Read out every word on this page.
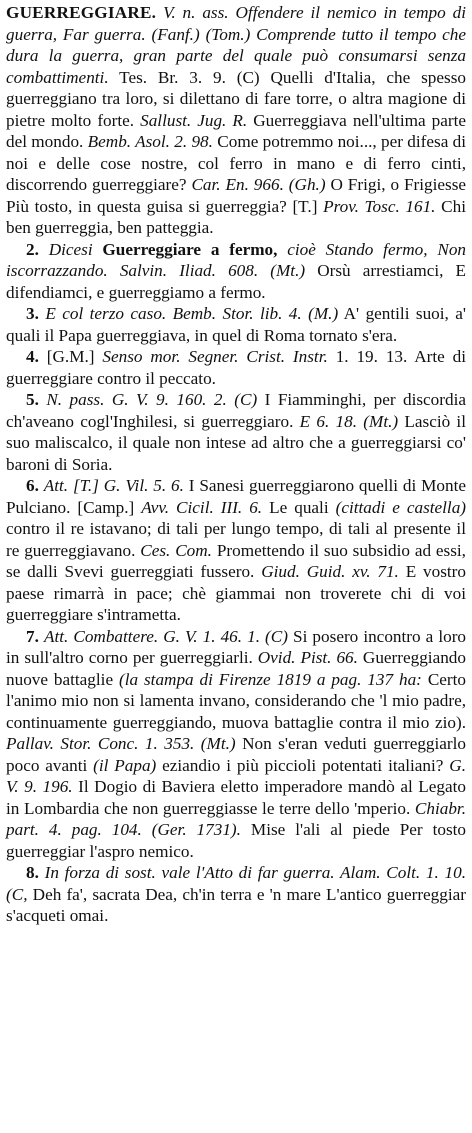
GUERREGGIARE. V. n. ass. Offendere il nemico in tempo di guerra, Far guerra. (Fanf.) (Tom.) Comprende tutto il tempo che dura la guerra, gran parte del quale può consumarsi senza combattimenti. Tes. Br. 3. 9. (C) Quelli d'Italia, che spesso guerreggiano tra loro, si dilettano di fare torre, o altra magione di pietre molto forte. Sallust. Jug. R. Guerreggiava nell'ultima parte del mondo. Bemb. Asol. 2. 98. Come potremmo noi..., per difesa di noi e delle cose nostre, col ferro in mano e di ferro cinti, discorrendo guerreggiare? Car. En. 966. (Gh.) O Frigi, o Frigiesse Più tosto, in questa guisa si guerreggia? [T.] Prov. Tosc. 161. Chi ben guerreggia, ben patteggia.

2. Dicesi Guerreggiare a fermo, cioè Stando fermo, Non iscorrazzando. Salvin. Iliad. 608. (Mt.) Orsù arrestiamci, E difendiamci, e guerreggiamo a fermo.

3. E col terzo caso. Bemb. Stor. lib. 4. (M.) A' gentili suoi, a' quali il Papa guerreggiava, in quel di Roma tornato s'era.

4. [G.M.] Senso mor. Segner. Crist. Instr. 1. 19. 13. Arte di guerreggiare contro il peccato.

5. N. pass. G. V. 9. 160. 2. (C) I Fiamminghi, per discordia ch'aveano cogl'Inghilesi, si guerreggiaro. E 6. 18. (Mt.) Lasciò il suo maliscalco, il quale non intese ad altro che a guerreggiarsi co' baroni di Soria.

6. Att. [T.] G. Vil. 5. 6. I Sanesi guerreggiarono quelli di Monte Pulciano. [Camp.] Avv. Cicil. III. 6. Le quali (cittadi e castella) contro il re istavano; di tali per lungo tempo, di tali al presente il re guerreggiavano. Ces. Com. Promettendo il suo subsidio ad essi, se dalli Svevi guerreggiati fussero. Giud. Guid. xv. 71. E vostro paese rimarrà in pace; chè giammai non troverete chi di voi guerreggiare s'intrametta.

7. Att. Combattere. G. V. 1. 46. 1. (C) Si posero incontro a loro in sull'altro corno per guerreggiarli. Ovid. Pist. 66. Guerreggiando nuove battaglie (la stampa di Firenze 1819 a pag. 137 ha: Certo l'animo mio non si lamenta invano, considerando che 'l mio padre, continuamente guerreggiando, muova battaglie contra il mio zio). Pallav. Stor. Conc. 1. 353. (Mt.) Non s'eran veduti guerreggiarlo poco avanti (il Papa) eziandio i più piccioli potentati italiani? G. V. 9. 196. Il Dogio di Baviera eletto imperadore mandò al Legato in Lombardia che non guerreggiasse le terre dello 'mperio. Chiabr. part. 4. pag. 104. (Ger. 1731). Mise l'ali al piede Per tosto guerreggiar l'aspro nemico.

8. In forza di sost. vale l'Atto di far guerra. Alam. Colt. 1. 10. (C, Deh fa', sacrata Dea, ch'in terra e 'n mare L'antico guerreggiar s'acqueti omai.
